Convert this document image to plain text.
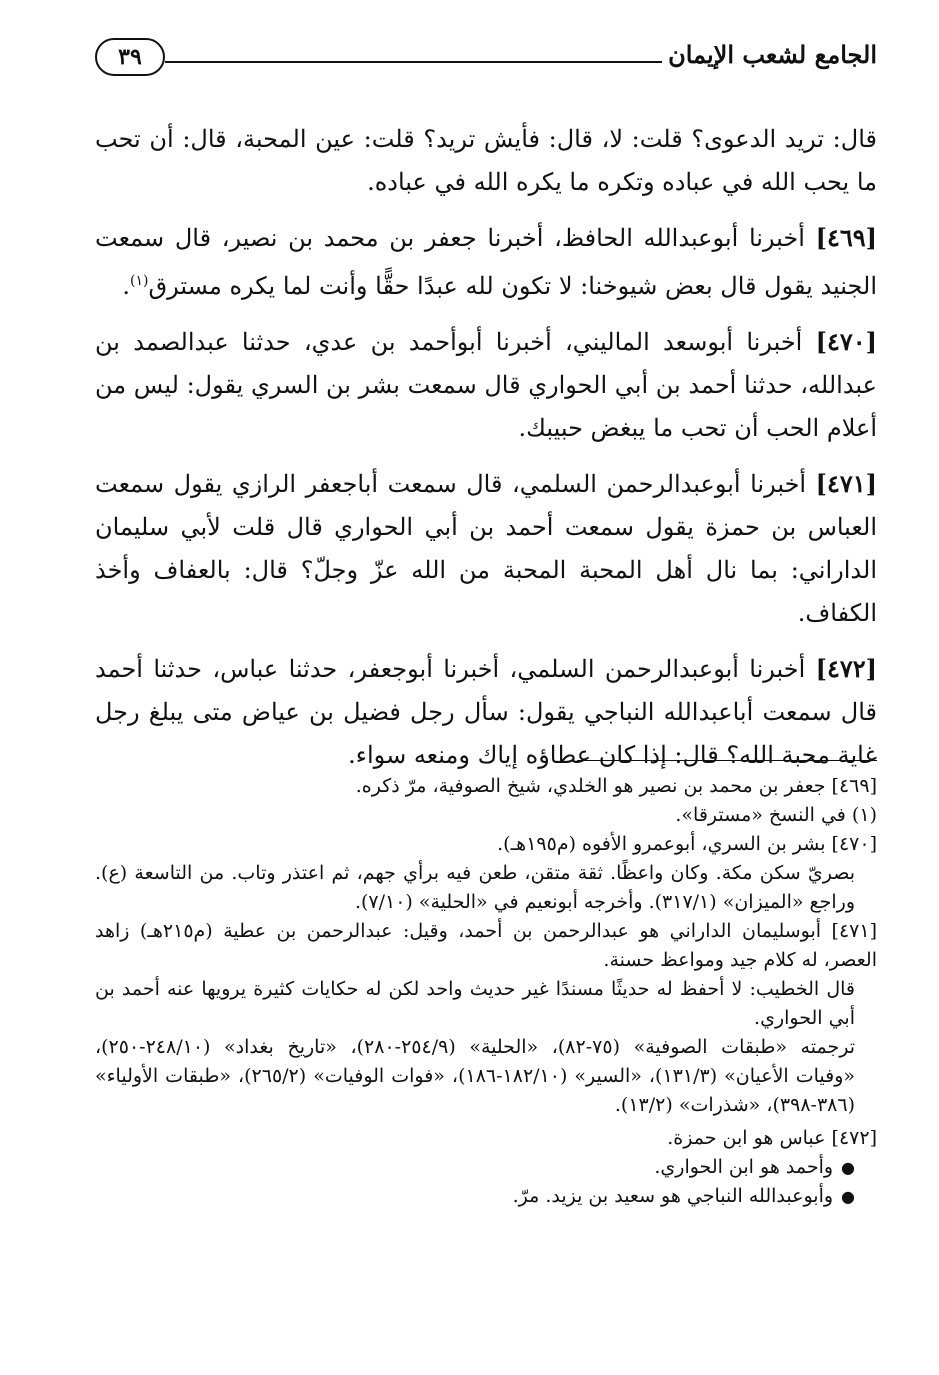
الجامع لشعب الإيمان
٣٩

قال: تريد الدعوى؟ قلت: لا، قال: فأيش تريد؟ قلت: عين المحبة، قال: أن تحب ما يحب الله في عباده وتكره ما يكره الله في عباده.

[٤٦٩] أخبرنا أبوعبدالله الحافظ، أخبرنا جعفر بن محمد بن نصير، قال سمعت الجنيد يقول قال بعض شيوخنا: لا تكون لله عبدًا حقًّا وأنت لما يكره مسترق$^{(١)}$.

[٤٧٠] أخبرنا أبوسعد الماليني، أخبرنا أبوأحمد بن عدي، حدثنا عبدالصمد بن عبدالله، حدثنا أحمد بن أبي الحواري قال سمعت بشر بن السري يقول: ليس من أعلام الحب أن تحب ما يبغض حبيبك.

[٤٧١] أخبرنا أبوعبدالرحمن السلمي، قال سمعت أباجعفر الرازي يقول سمعت العباس بن حمزة يقول سمعت أحمد بن أبي الحواري قال قلت لأبي سليمان الداراني: بما نال أهل المحبة المحبة من الله عزّ وجلّ؟ قال: بالعفاف وأخذ الكفاف.

[٤٧٢] أخبرنا أبوعبدالرحمن السلمي، أخبرنا أبوجعفر، حدثنا عباس، حدثنا أحمد قال سمعت أباعبدالله النباجي يقول: سأل رجل فضيل بن عياض متى يبلغ رجل غاية محبة الله؟ قال: إذا كان عطاؤه إياك ومنعه سواء.

[٤٦٩] جعفر بن محمد بن نصير هو الخلدي، شيخ الصوفية، مرّ ذكره.

(١) في النسخ «مسترقا».

[٤٧٠] بشر بن السري، أبوعمرو الأفوه (م١٩٥هـ).

بصريّ سكن مكة. وكان واعظًا. ثقة متقن، طعن فيه برأي جهم، ثم اعتذر وتاب. من التاسعة (ع). وراجع «الميزان» (٣١٧/١). وأخرجه أبونعيم في «الحلية» (٧/١٠).

[٤٧١] أبوسليمان الداراني هو عبدالرحمن بن أحمد، وقيل: عبدالرحمن بن عطية (م٢١٥هـ) زاهد العصر، له كلام جيد ومواعظ حسنة.

قال الخطيب: لا أحفظ له حديثًا مسندًا غير حديث واحد لكن له حكايات كثيرة يرويها عنه أحمد بن أبي الحواري.

ترجمته «طبقات الصوفية» (٧٥-٨٢)، «الحلية» (٢٥٤/٩-٢٨٠)، «تاريخ بغداد» (٢٤٨/١٠-٢٥٠)، «وفيات الأعيان» (١٣١/٣)، «السير» (١٨٢/١٠-١٨٦)، «فوات الوفيات» (٢٦٥/٢)، «طبقات الأولياء» (٣٨٦-٣٩٨)، «شذرات» (١٣/٢).

[٤٧٢] عباس هو ابن حمزة.

●وأحمد هو ابن الحواري.

●وأبوعبدالله النباجي هو سعيد بن يزيد. مرّ.
